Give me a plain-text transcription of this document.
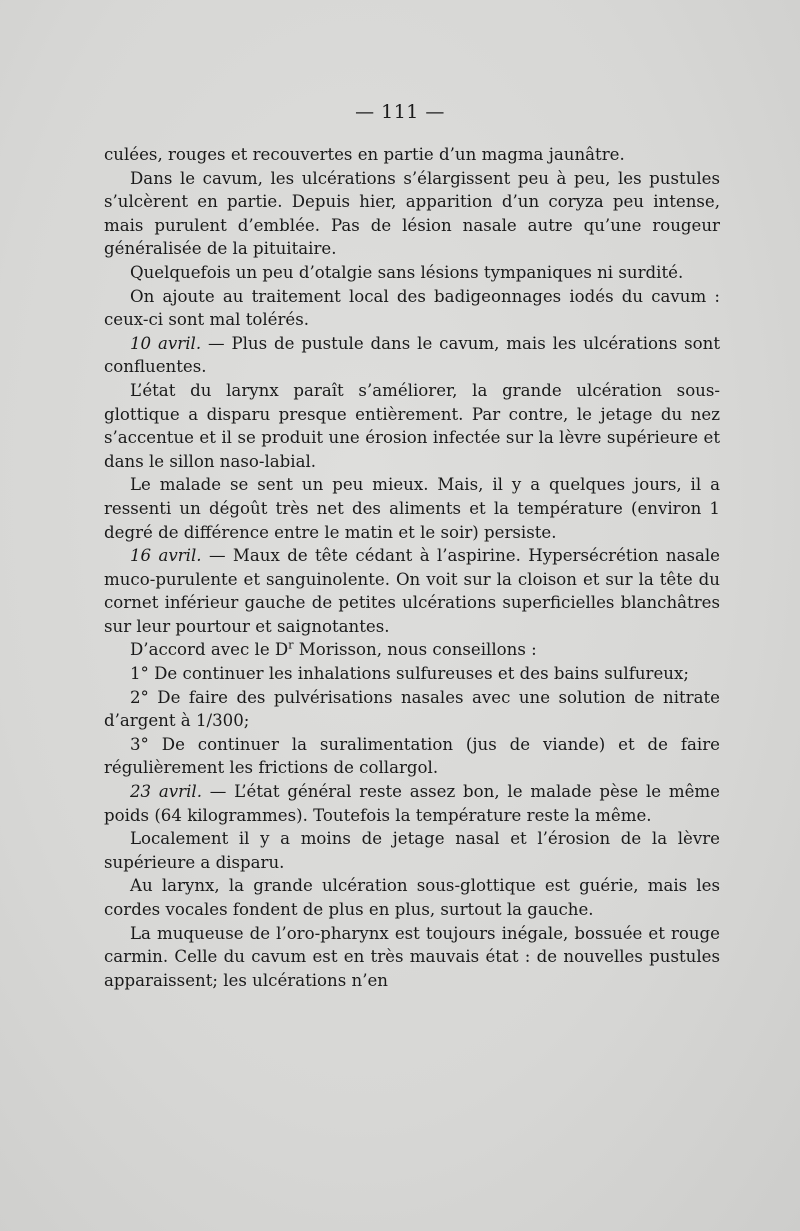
— 111 —

culées, rouges et recouvertes en partie d’un magma jaunâtre.

Dans le cavum, les ulcérations s’élargissent peu à peu, les pustules s’ulcèrent en partie. Depuis hier, apparition d’un coryza peu intense, mais purulent d’emblée. Pas de lésion nasale autre qu’une rougeur généralisée de la pituitaire.

Quelquefois un peu d’otalgie sans lésions tympaniques ni surdité.

On ajoute au traitement local des badigeonnages iodés du cavum : ceux-ci sont mal tolérés.

10 avril. — Plus de pustule dans le cavum, mais les ulcérations sont confluentes.

L’état du larynx paraît s’améliorer, la grande ulcération sous-glottique a disparu presque entièrement. Par contre, le jetage du nez s’accentue et il se produit une érosion infectée sur la lèvre supérieure et dans le sillon naso-labial.

Le malade se sent un peu mieux. Mais, il y a quelques jours, il a ressenti un dégoût très net des aliments et la température (environ 1 degré de différence entre le matin et le soir) persiste.

16 avril. — Maux de tête cédant à l’aspirine. Hypersécrétion nasale muco-purulente et sanguinolente. On voit sur la cloison et sur la tête du cornet inférieur gauche de petites ulcérations superficielles blanchâtres sur leur pourtour et saignotantes.

D’accord avec le $D^r$ Morisson, nous conseillons :

1° De continuer les inhalations sulfureuses et des bains sulfureux;

2° De faire des pulvérisations nasales avec une solution de nitrate d’argent à 1/300;

3° De continuer la suralimentation (jus de viande) et de faire régulièrement les frictions de collargol.

23 avril. — L’état général reste assez bon, le malade pèse le même poids (64 kilogrammes). Toutefois la température reste la même.

Localement il y a moins de jetage nasal et l’érosion de la lèvre supérieure a disparu.

Au larynx, la grande ulcération sous-glottique est guérie, mais les cordes vocales fondent de plus en plus, surtout la gauche.

La muqueuse de l’oro-pharynx est toujours inégale, bossuée et rouge carmin. Celle du cavum est en très mauvais état : de nouvelles pustules apparaissent; les ulcérations n’en
